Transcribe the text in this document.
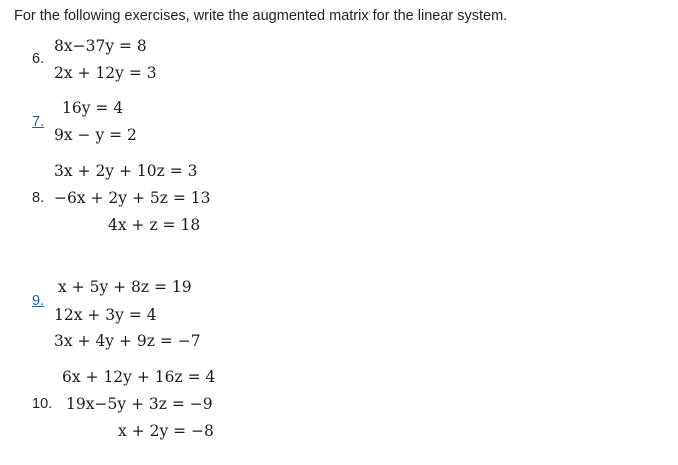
For the following exercises, write the augmented matrix for the linear system.
6.
8x−37y = 8
2x + 12y = 3
7.
16y = 4
9x − y = 2
8.
3x + 2y + 10z = 3
−6x + 2y + 5z = 13
4x + z = 18
9.
x + 5y + 8z = 19
12x + 3y = 4
3x + 4y + 9z = −7
10.
6x + 12y + 16z = 4
19x−5y + 3z = −9
x + 2y = −8
